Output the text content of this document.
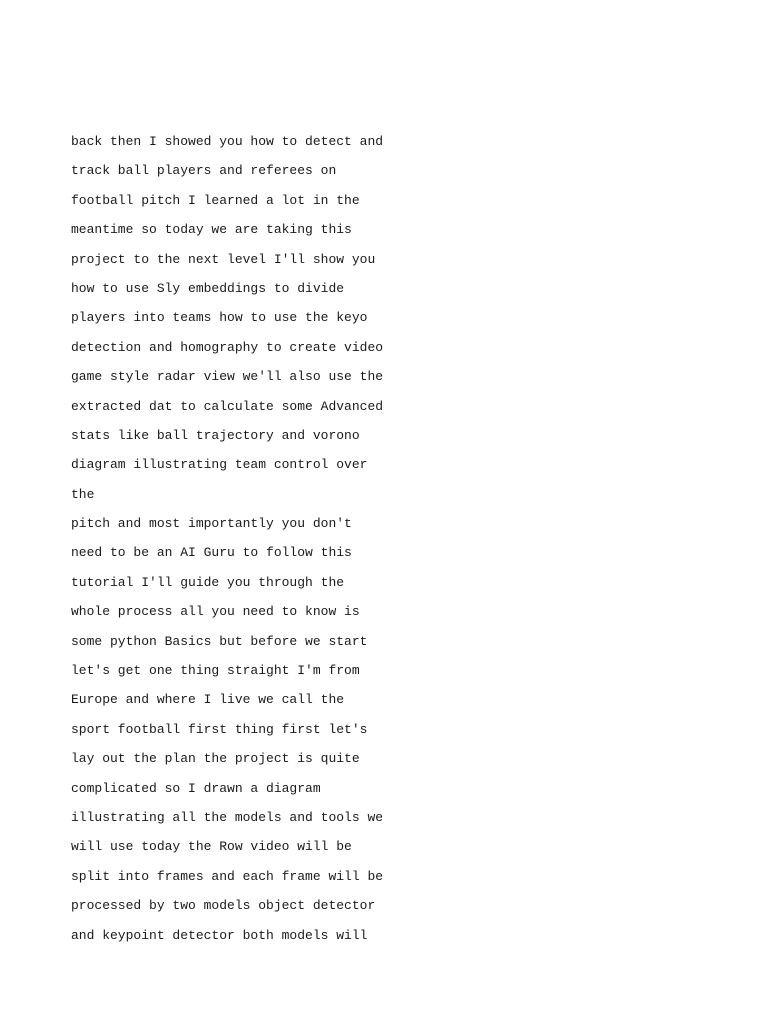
back then I showed you how to detect and
track ball players and referees on
football pitch I learned a lot in the
meantime so today we are taking this
project to the next level I'll show you
how to use Sly embeddings to divide
players into teams how to use the keyo
detection and homography to create video
game style radar view we'll also use the
extracted dat to calculate some Advanced
stats like ball trajectory and vorono
diagram illustrating team control over
the
pitch and most importantly you don't
need to be an AI Guru to follow this
tutorial I'll guide you through the
whole process all you need to know is
some python Basics but before we start
let's get one thing straight I'm from
Europe and where I live we call the
sport football first thing first let's
lay out the plan the project is quite
complicated so I drawn a diagram
illustrating all the models and tools we
will use today the Row video will be
split into frames and each frame will be
processed by two models object detector
and keypoint detector both models will
